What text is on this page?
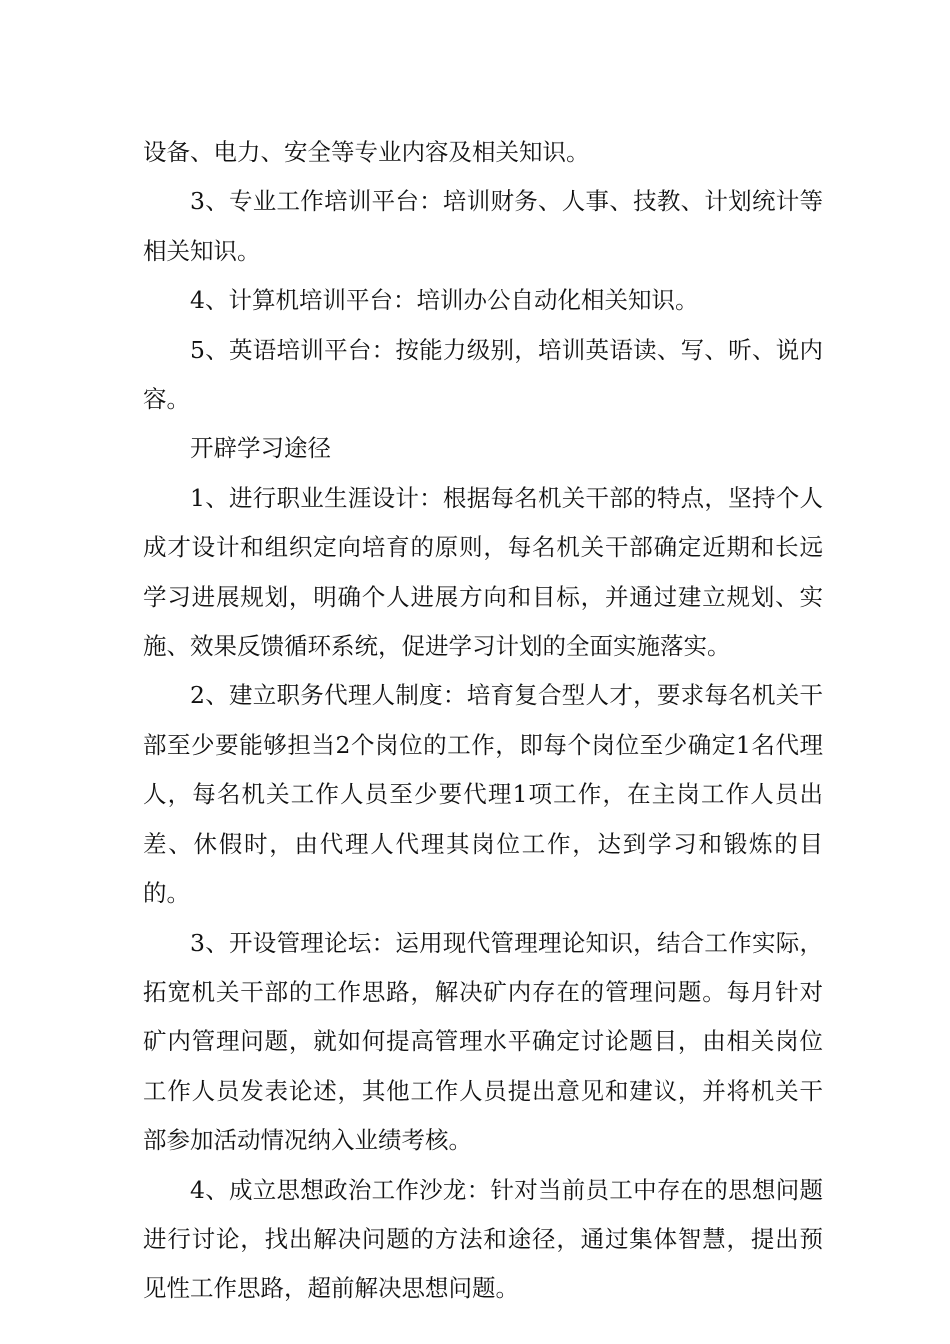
设备、电力、安全等专业内容及相关知识。

3、专业工作培训平台：培训财务、人事、技教、计划统计等相关知识。

4、计算机培训平台：培训办公自动化相关知识。

5、英语培训平台：按能力级别，培训英语读、写、听、说内容。

开辟学习途径

1、进行职业生涯设计：根据每名机关干部的特点，坚持个人成才设计和组织定向培育的原则，每名机关干部确定近期和长远学习进展规划，明确个人进展方向和目标，并通过建立规划、实施、效果反馈循环系统，促进学习计划的全面实施落实。

2、建立职务代理人制度：培育复合型人才，要求每名机关干部至少要能够担当2个岗位的工作，即每个岗位至少确定1名代理人，每名机关工作人员至少要代理1项工作，在主岗工作人员出差、休假时，由代理人代理其岗位工作，达到学习和锻炼的目的。

3、开设管理论坛：运用现代管理理论知识，结合工作实际，拓宽机关干部的工作思路，解决矿内存在的管理问题。每月针对矿内管理问题，就如何提高管理水平确定讨论题目，由相关岗位工作人员发表论述，其他工作人员提出意见和建议，并将机关干部参加活动情况纳入业绩考核。

4、成立思想政治工作沙龙：针对当前员工中存在的思想问题进行讨论，找出解决问题的方法和途径，通过集体智慧，提出预见性工作思路，超前解决思想问题。
